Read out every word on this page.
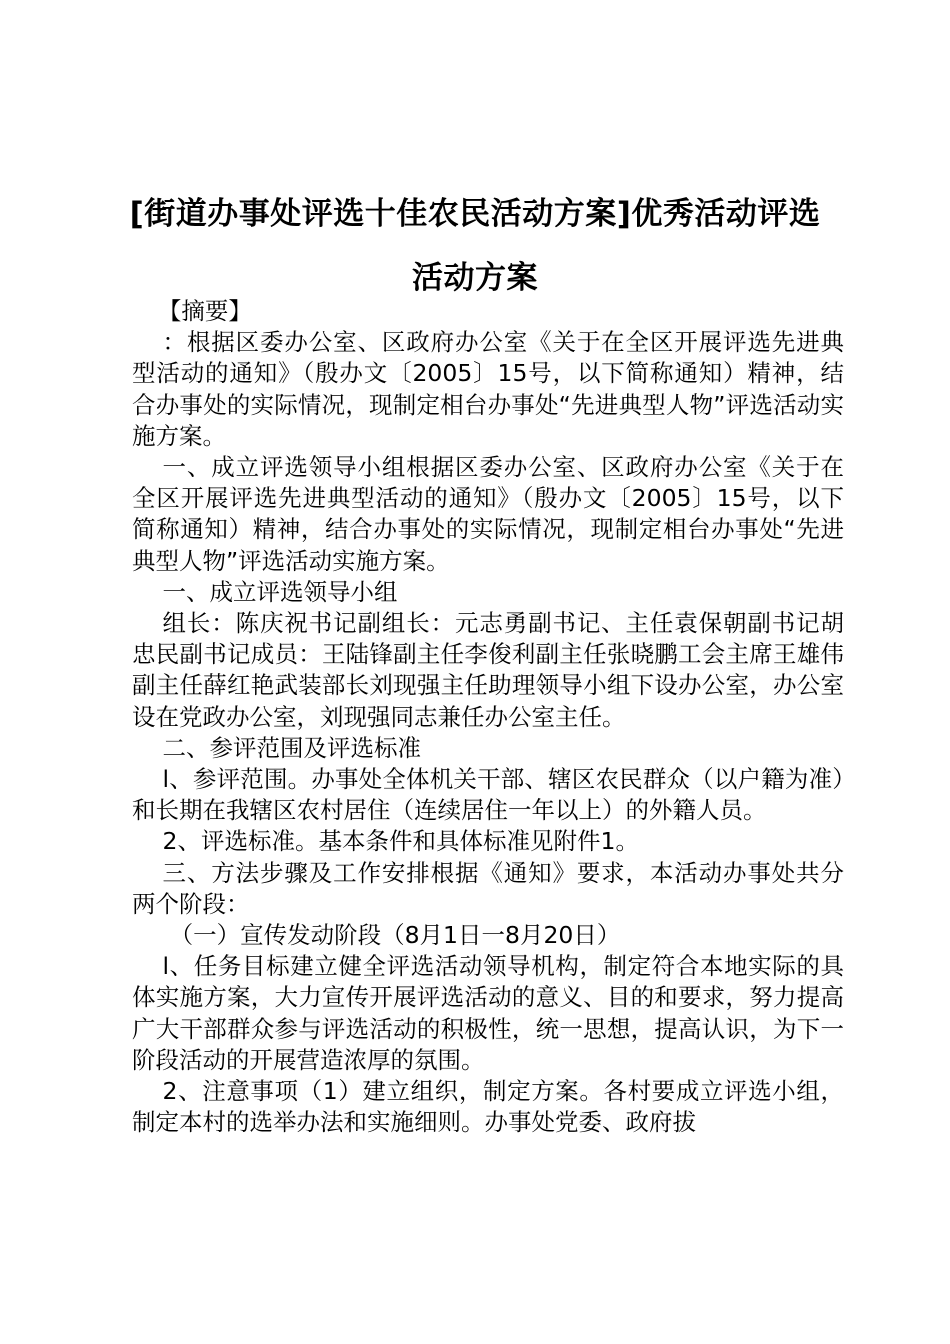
[街道办事处评选十佳农民活动方案]优秀活动评选活动方案

【摘要】

：根据区委办公室、区政府办公室《关于在全区开展评选先进典型活动的通知》（殷办文〔2005〕15号，以下简称通知）精神，结合办事处的实际情况，现制定相台办事处“先进典型人物”评选活动实施方案。

一、成立评选领导小组根据区委办公室、区政府办公室《关于在全区开展评选先进典型活动的通知》（殷办文〔2005〕15号，以下简称通知）精神，结合办事处的实际情况，现制定相台办事处“先进典型人物”评选活动实施方案。

一、成立评选领导小组

组长：陈庆祝书记副组长：元志勇副书记、主任袁保朝副书记胡忠民副书记成员：王陆锋副主任李俊利副主任张晓鹏工会主席王雄伟副主任薛红艳武装部长刘现强主任助理领导小组下设办公室，办公室设在党政办公室，刘现强同志兼任办公室主任。

二、参评范围及评选标准

l、参评范围。办事处全体机关干部、辖区农民群众（以户籍为准）和长期在我辖区农村居住（连续居住一年以上）的外籍人员。

2、评选标准。基本条件和具体标准见附件1。

三、方法步骤及工作安排根据《通知》要求，本活动办事处共分两个阶段：

（一）宣传发动阶段（8月1日一8月20日）

l、任务目标建立健全评选活动领导机构，制定符合本地实际的具体实施方案，大力宣传开展评选活动的意义、目的和要求，努力提高广大干部群众参与评选活动的积极性，统一思想，提高认识，为下一阶段活动的开展营造浓厚的氛围。

2、注意事项（1）建立组织，制定方案。各村要成立评选小组，制定本村的选举办法和实施细则。办事处党委、政府拔
